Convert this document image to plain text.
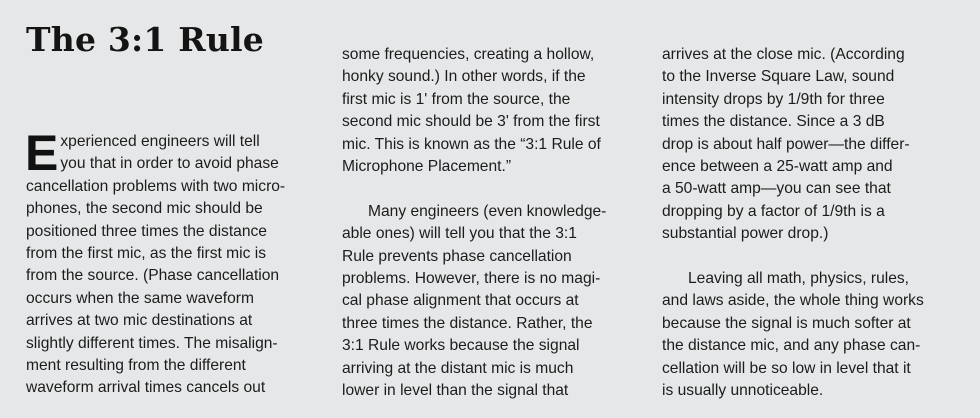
The 3:1 Rule

E xperienced engineers will tell
you that in order to avoid phase
cancellation problems with two micro-
phones, the second mic should be
positioned three times the distance
from the first mic, as the first mic is
from the source. (Phase cancellation
occurs when the same waveform
arrives at two mic destinations at
slightly different times. The misalign-
ment resulting from the different
waveform arrival times cancels out

some frequencies, creating a hollow,
honky sound.) In other words, if the
first mic is 1' from the source, the
second mic should be 3' from the first
mic. This is known as the “3:1 Rule of
Microphone Placement.”

Many engineers (even knowledge-
able ones) will tell you that the 3:1
Rule prevents phase cancellation
problems. However, there is no magi-
cal phase alignment that occurs at
three times the distance. Rather, the
3:1 Rule works because the signal
arriving at the distant mic is much
lower in level than the signal that

arrives at the close mic. (According
to the Inverse Square Law, sound
intensity drops by 1/9th for three
times the distance. Since a 3 dB
drop is about half power—the differ-
ence between a 25-watt amp and
a 50-watt amp—you can see that
dropping by a factor of 1/9th is a
substantial power drop.)

Leaving all math, physics, rules,
and laws aside, the whole thing works
because the signal is much softer at
the distance mic, and any phase can-
cellation will be so low in level that it
is usually unnoticeable.
